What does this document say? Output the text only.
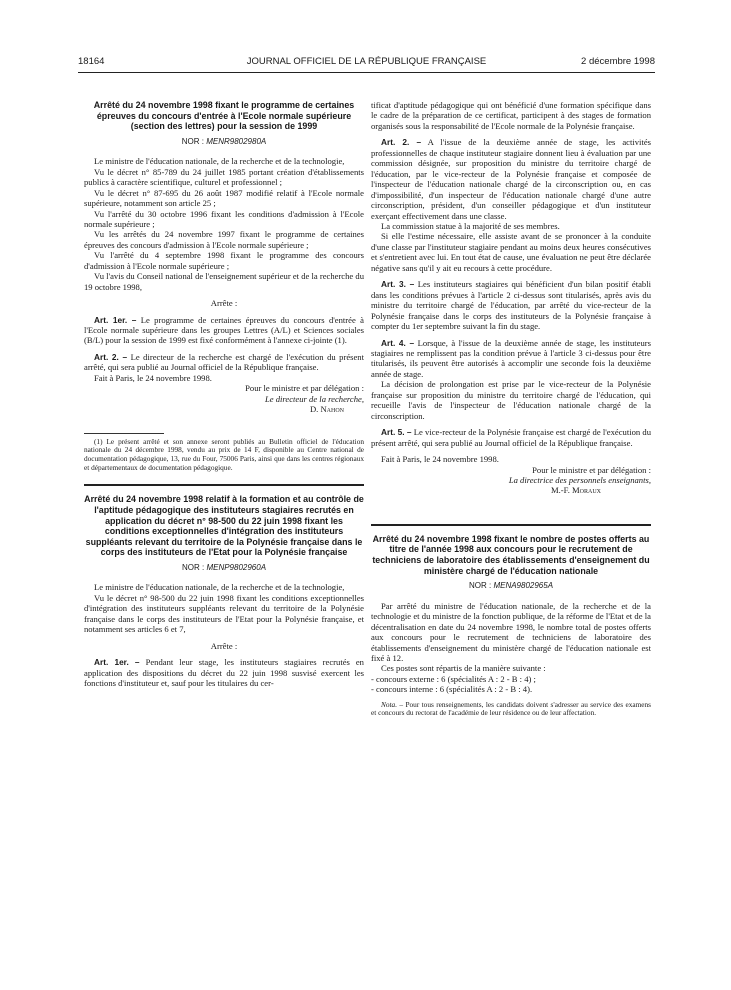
18164	JOURNAL OFFICIEL DE LA RÉPUBLIQUE FRANÇAISE	2 décembre 1998
Arrêté du 24 novembre 1998 fixant le programme de certaines épreuves du concours d'entrée à l'Ecole normale supérieure (section des lettres) pour la session de 1999
NOR : MENR9802980A

Le ministre de l'éducation nationale, de la recherche et de la technologie,

Vu le décret n° 85-789 du 24 juillet 1985 portant création d'établissements publics à caractère scientifique, culturel et professionnel ;

Vu le décret n° 87-695 du 26 août 1987 modifié relatif à l'Ecole normale supérieure, notamment son article 25 ;

Vu l'arrêté du 30 octobre 1996 fixant les conditions d'admission à l'Ecole normale supérieure ;

Vu les arrêtés du 24 novembre 1997 fixant le programme de certaines épreuves des concours d'admission à l'Ecole normale supérieure ;

Vu l'arrêté du 4 septembre 1998 fixant le programme des concours d'admission à l'Ecole normale supérieure ;

Vu l'avis du Conseil national de l'enseignement supérieur et de la recherche du 19 octobre 1998,

Arrête :

Art. 1er. – Le programme de certaines épreuves du concours d'entrée à l'Ecole normale supérieure dans les groupes Lettres (A/L) et Sciences sociales (B/L) pour la session de 1999 est fixé conformément à l'annexe ci-jointe (1).

Art. 2. – Le directeur de la recherche est chargé de l'exécution du présent arrêté, qui sera publié au Journal officiel de la République française.

Fait à Paris, le 24 novembre 1998.

Pour le ministre et par délégation :

Le directeur de la recherche,

D. Nahon

(1) Le présent arrêté et son annexe seront publiés au Bulletin officiel de l'éducation nationale du 24 décembre 1998, vendu au prix de 14 F, disponible au Centre national de documentation pédagogique, 13, rue du Four, 75006 Paris, ainsi que dans les centres régionaux et départementaux de documentation pédagogique.

Arrêté du 24 novembre 1998 relatif à la formation et au contrôle de l'aptitude pédagogique des instituteurs stagiaires recrutés en application du décret n° 98-500 du 22 juin 1998 fixant les conditions exceptionnelles d'intégration des instituteurs suppléants relevant du territoire de la Polynésie française dans le corps des instituteurs de l'Etat pour la Polynésie française
NOR : MENP9802960A

Le ministre de l'éducation nationale, de la recherche et de la technologie,

Vu le décret n° 98-500 du 22 juin 1998 fixant les conditions exceptionnelles d'intégration des instituteurs suppléants relevant du territoire de la Polynésie française dans le corps des instituteurs de l'Etat pour la Polynésie française, et notamment ses articles 6 et 7,

Arrête :

Art. 1er. – Pendant leur stage, les instituteurs stagiaires recrutés en application des dispositions du décret du 22 juin 1998 susvisé exercent les fonctions d'instituteur et, sauf pour les titulaires du cer-

tificat d'aptitude pédagogique qui ont bénéficié d'une formation spécifique dans le cadre de la préparation de ce certificat, participent à des stages de formation organisés sous la responsabilité de l'Ecole normale de la Polynésie française.

Art. 2. – A l'issue de la deuxième année de stage, les activités professionnelles de chaque instituteur stagiaire donnent lieu à évaluation par une commission désignée, sur proposition du ministre du territoire chargé de l'éducation, par le vice-recteur de la Polynésie française et composée de l'inspecteur de l'éducation nationale chargé de la circonscription ou, en cas d'impossibilité, d'un inspecteur de l'éducation nationale chargé d'une autre circonscription, président, d'un conseiller pédagogique et d'un instituteur exerçant effectivement dans une classe.

La commission statue à la majorité de ses membres.

Si elle l'estime nécessaire, elle assiste avant de se prononcer à la conduite d'une classe par l'instituteur stagiaire pendant au moins deux heures consécutives et s'entretient avec lui. En tout état de cause, une évaluation ne peut être déclarée négative sans qu'il y ait eu recours à cette procédure.

Art. 3. – Les instituteurs stagiaires qui bénéficient d'un bilan positif établi dans les conditions prévues à l'article 2 ci-dessus sont titularisés, après avis du ministre du territoire chargé de l'éducation, par arrêté du vice-recteur de la Polynésie française dans le corps des instituteurs de la Polynésie française à compter du 1er septembre suivant la fin du stage.

Art. 4. – Lorsque, à l'issue de la deuxième année de stage, les instituteurs stagiaires ne remplissent pas la condition prévue à l'article 3 ci-dessus pour être titularisés, ils peuvent être autorisés à accomplir une seconde fois la deuxième année de stage.

La décision de prolongation est prise par le vice-recteur de la Polynésie française sur proposition du ministre du territoire chargé de l'éducation, qui recueille l'avis de l'inspecteur de l'éducation nationale chargé de la circonscription.

Art. 5. – Le vice-recteur de la Polynésie française est chargé de l'exécution du présent arrêté, qui sera publié au Journal officiel de la République française.

Fait à Paris, le 24 novembre 1998.

Pour le ministre et par délégation :

La directrice des personnels enseignants,

M.-F. Moraux

Arrêté du 24 novembre 1998 fixant le nombre de postes offerts au titre de l'année 1998 aux concours pour le recrutement de techniciens de laboratoire des établissements d'enseignement du ministère chargé de l'éducation nationale
NOR : MENA9802965A

Par arrêté du ministre de l'éducation nationale, de la recherche et de la technologie et du ministre de la fonction publique, de la réforme de l'Etat et de la décentralisation en date du 24 novembre 1998, le nombre total de postes offerts aux concours pour le recrutement de techniciens de laboratoire des établissements d'enseignement du ministère chargé de l'éducation nationale est fixé à 12.

Ces postes sont répartis de la manière suivante :

- concours externe : 6 (spécialités A : 2 - B : 4) ;

- concours interne : 6 (spécialités A : 2 - B : 4).

Nota. – Pour tous renseignements, les candidats doivent s'adresser au service des examens et concours du rectorat de l'académie de leur résidence ou de leur affectation.
